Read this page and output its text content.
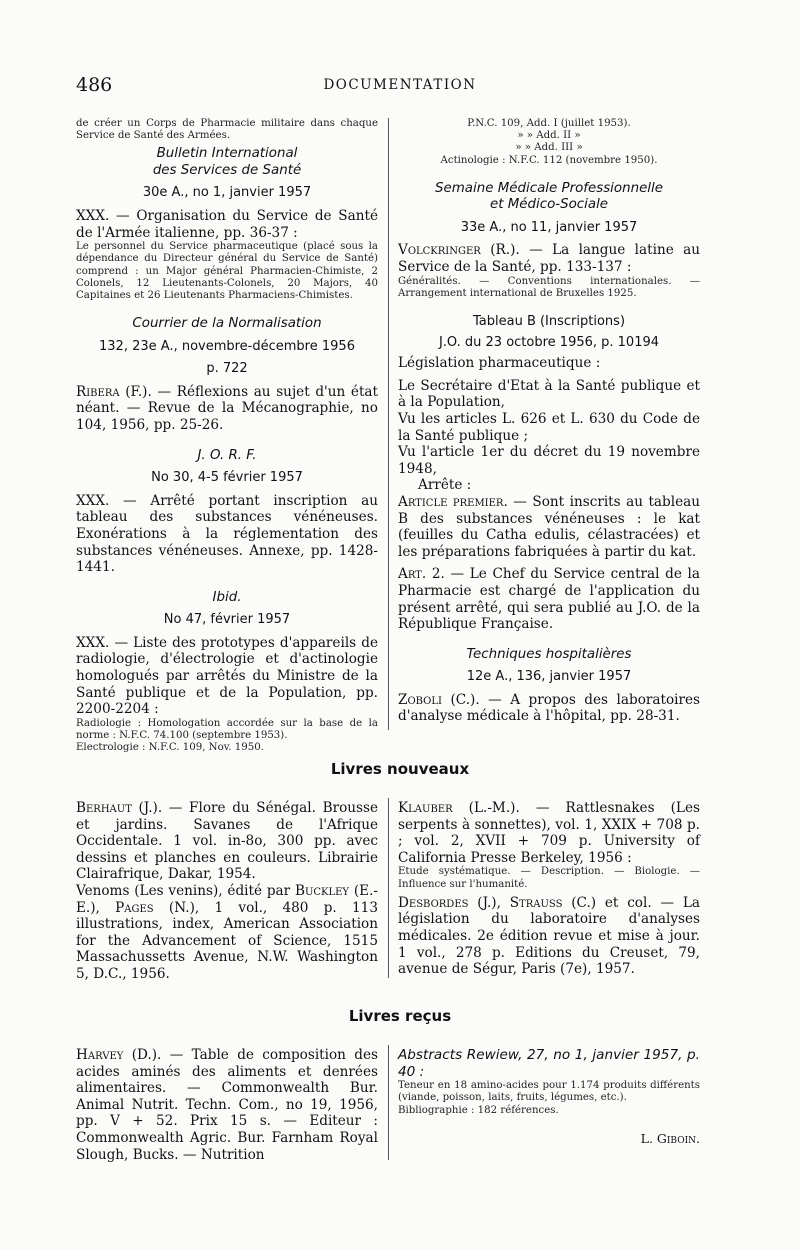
486	DOCUMENTATION

de créer un Corps de Pharmacie militaire dans chaque Service de Santé des Armées.

Bulletin International

des Services de Santé

30e A., no 1, janvier 1957

XXX. — Organisation du Service de Santé de l'Armée italienne, pp. 36-37 :

Le personnel du Service pharmaceutique (placé sous la dépendance du Directeur général du Service de Santé) comprend : un Major général Pharmacien-Chimiste, 2 Colonels, 12 Lieutenants-Colonels, 20 Majors, 40 Capitaines et 26 Lieutenants Pharmaciens-Chimistes.

Courrier de la Normalisation

132, 23e A., novembre-décembre 1956

p. 722

Ribera (F.). — Réflexions au sujet d'un état néant. — Revue de la Mécanographie, no 104, 1956, pp. 25-26.

J. O. R. F.

No 30, 4-5 février 1957

XXX. — Arrêté portant inscription au tableau des substances vénéneuses. Exonérations à la réglementation des substances vénéneuses. Annexe, pp. 1428-1441.

Ibid.

No 47, février 1957

XXX. — Liste des prototypes d'appareils de radiologie, d'électrologie et d'actinologie homologués par arrêtés du Ministre de la Santé publique et de la Population, pp. 2200-2204 :

Radiologie : Homologation accordée sur la base de la norme : N.F.C. 74.100 (septembre 1953).

Electrologie : N.F.C. 109, Nov. 1950.

P.N.C. 109, Add. I (juillet 1953).

» » Add. II »

» » Add. III »

Actinologie : N.F.C. 112 (novembre 1950).

Semaine Médicale Professionnelle

et Médico-Sociale

33e A., no 11, janvier 1957

Volckringer (R.). — La langue latine au Service de la Santé, pp. 133-137 :

Généralités. — Conventions internationales. — Arrangement international de Bruxelles 1925.

Tableau B (Inscriptions)

J.O. du 23 octobre 1956, p. 10194

Législation pharmaceutique :

Le Secrétaire d'Etat à la Santé publique et à la Population,

Vu les articles L. 626 et L. 630 du Code de la Santé publique ;

Vu l'article 1er du décret du 19 novembre 1948,

Arrête :

Article premier. — Sont inscrits au tableau B des substances vénéneuses : le kat (feuilles du Catha edulis, célastracées) et les préparations fabriquées à partir du kat.

Art. 2. — Le Chef du Service central de la Pharmacie est chargé de l'application du présent arrêté, qui sera publié au J.O. de la République Française.

Techniques hospitalières

12e A., 136, janvier 1957

Zoboli (C.). — A propos des laboratoires d'analyse médicale à l'hôpital, pp. 28-31.

Livres nouveaux

Berhaut (J.). — Flore du Sénégal. Brousse et jardins. Savanes de l'Afrique Occidentale. 1 vol. in-8o, 300 pp. avec dessins et planches en couleurs. Librairie Clairafrique, Dakar, 1954.

Venoms (Les venins), édité par Buckley (E.-E.), Pages (N.), 1 vol., 480 p. 113 illustrations, index, American Association for the Advancement of Science, 1515 Massachussetts Avenue, N.W. Washington 5, D.C., 1956.

Klauber (L.-M.). — Rattlesnakes (Les serpents à sonnettes), vol. 1, XXIX + 708 p. ; vol. 2, XVII + 709 p. University of California Presse Berkeley, 1956 :

Etude systématique. — Description. — Biologie. — Influence sur l'humanité.

Desbordes (J.), Strauss (C.) et col. — La législation du laboratoire d'analyses médicales. 2e édition revue et mise à jour. 1 vol., 278 p. Editions du Creuset, 79, avenue de Ségur, Paris (7e), 1957.

Livres reçus

Harvey (D.). — Table de composition des acides aminés des aliments et denrées alimentaires. — Commonwealth Bur. Animal Nutrit. Techn. Com., no 19, 1956, pp. V + 52. Prix 15 s. — Editeur : Commonwealth Agric. Bur. Farnham Royal Slough, Bucks. — Nutrition

Abstracts Rewiew, 27, no 1, janvier 1957, p. 40 :

Teneur en 18 amino-acides pour 1.174 produits différents (viande, poisson, laits, fruits, légumes, etc.).

Bibliographie : 182 références.

L. Giboin.
